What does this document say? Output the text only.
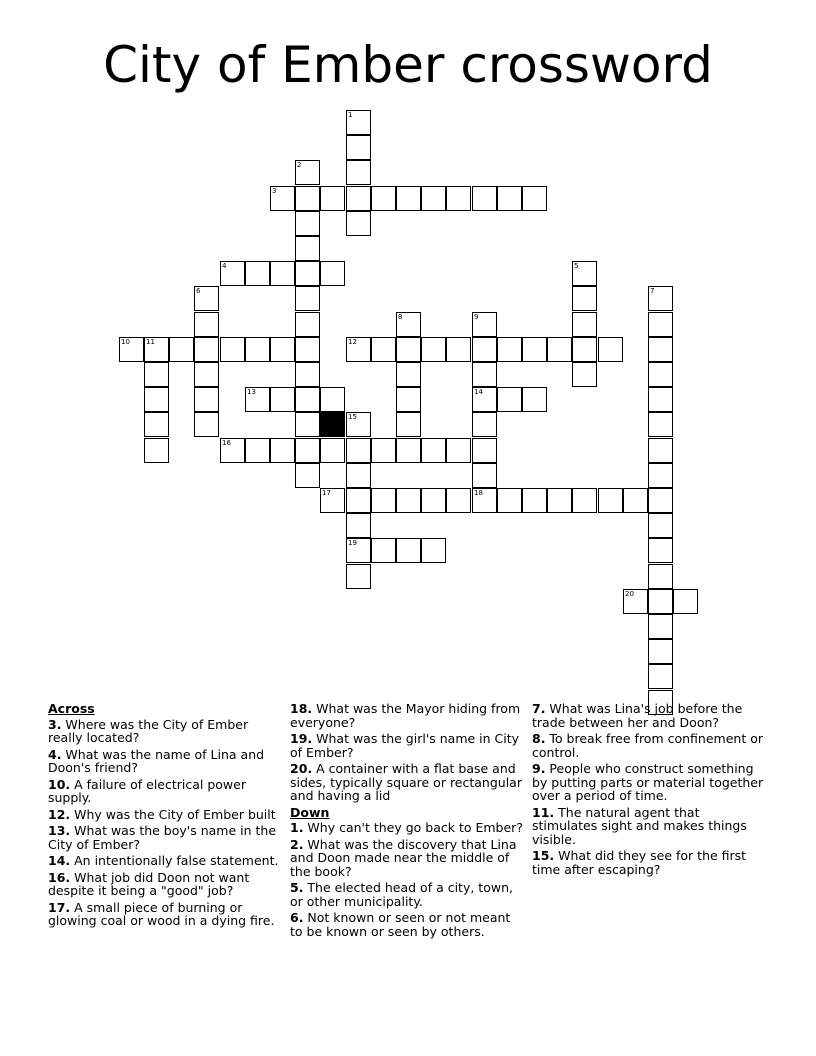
City of Ember crossword
1
2
3
4	5
6	7
8	9
14
18
10 11	12
13
15
19
16
17
20
Across
3. Where was the City of Ember really located?
4. What was the name of Lina and Doon's friend?
10. A failure of electrical power supply.
12. Why was the City of Ember built
13. What was the boy's name in the City of Ember?
14. An intentionally false statement.
16. What job did Doon not want despite it being a "good" job?
17. A small piece of burning or glowing coal or wood in a dying fire.
18. What was the Mayor hiding from everyone?
19. What was the girl's name in City of Ember?
20. A container with a flat base and sides, typically square or rectangular and having a lid
Down
1. Why can't they go back to Ember?
2. What was the discovery that Lina and Doon made near the middle of the book?
5. The elected head of a city, town, or other municipality.
6. Not known or seen or not meant to be known or seen by others.
7. What was Lina's job before the trade between her and Doon?
8. To break free from confinement or control.
9. People who construct something by putting parts or material together over a period of time.
11. The natural agent that stimulates sight and makes things visible.
15. What did they see for the first time after escaping?
